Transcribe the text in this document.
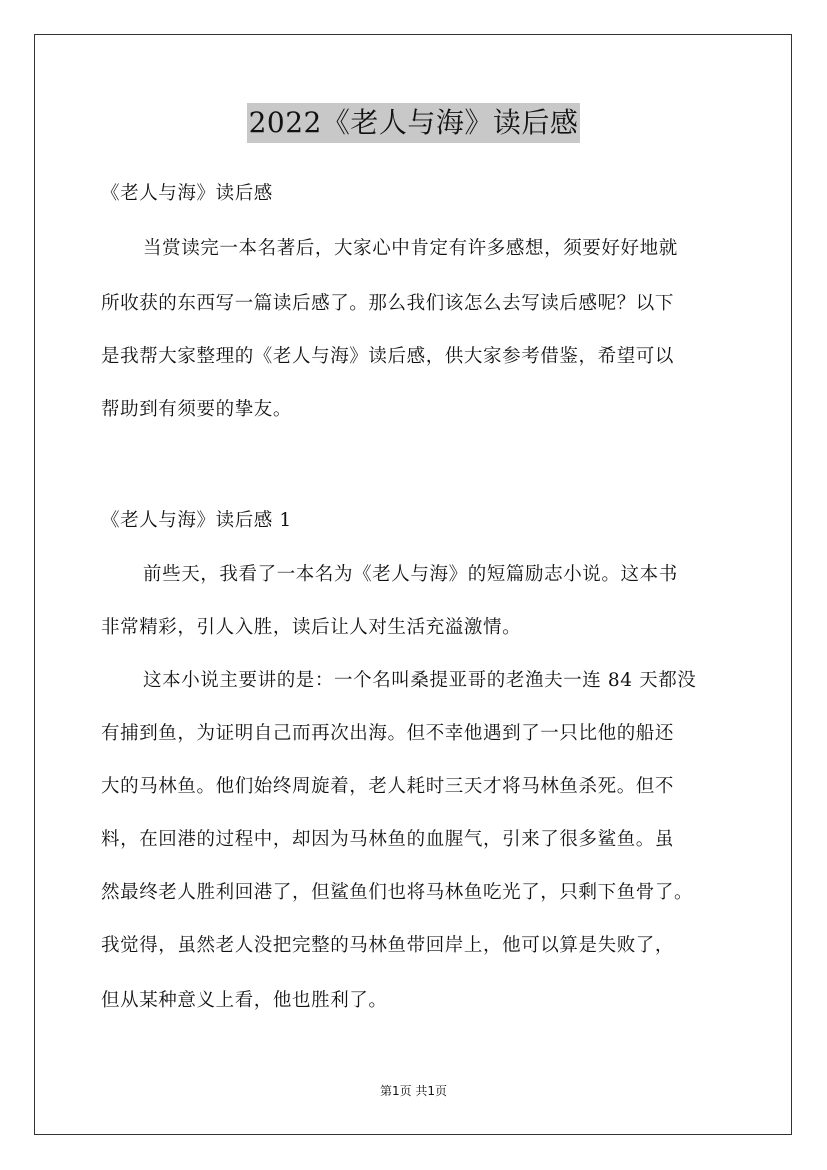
2022《老人与海》读后感
《老人与海》读后感
当赏读完一本名著后，大家心中肯定有许多感想，须要好好地就
所收获的东西写一篇读后感了。那么我们该怎么去写读后感呢？以下
是我帮大家整理的《老人与海》读后感，供大家参考借鉴，希望可以
帮助到有须要的挚友。
《老人与海》读后感 1
前些天，我看了一本名为《老人与海》的短篇励志小说。这本书
非常精彩，引人入胜，读后让人对生活充溢激情。
这本小说主要讲的是：一个名叫桑提亚哥的老渔夫一连 84 天都没
有捕到鱼，为证明自己而再次出海。但不幸他遇到了一只比他的船还
大的马林鱼。他们始终周旋着，老人耗时三天才将马林鱼杀死。但不
料，在回港的过程中，却因为马林鱼的血腥气，引来了很多鲨鱼。虽
然最终老人胜利回港了，但鲨鱼们也将马林鱼吃光了，只剩下鱼骨了。
我觉得，虽然老人没把完整的马林鱼带回岸上，他可以算是失败了，
但从某种意义上看，他也胜利了。
第1页 共1页
